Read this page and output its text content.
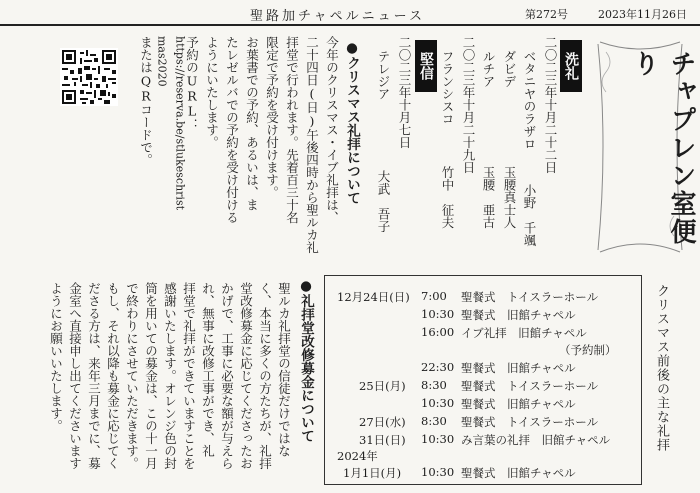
聖路加チャペルニュース	第272号	2023年11月26日
チャプレン室便り
洗礼
二〇二三年十月二十二日
ベタニヤのラザロ
小野　千颯
ダビデ
玉腰真士人
ルチア
玉腰　亜古
二〇二三年十月二十九日
フランシスコ
竹中　征夫
堅信
二〇二三年十月七日
テレジア
大武　吾子
●クリスマス礼拝について
今年のクリスマス・イブ礼拝は、
二十四日(日)午後四時から聖ルカ礼
拝堂で行われます。先着百三十名
限定で予約を受け付けます。
お葉書での予約、あるいは、ま
たレゼルバでの予約を受け付ける
ようにいたします。
予約のURL：
https://reserva.be/stlukeschrist
mas2020
またはQRコードで。
クリスマス前後の主な礼拝
12月24日(日) 7:00 聖餐式　トイスラーホール
10:30 聖餐式　旧館チャペル
16:00 イブ礼拝　旧館チャペル
（予約制）
22:30 聖餐式　旧館チャペル
25日(月) 8:30 聖餐式　トイスラーホール
10:30 聖餐式　旧館チャペル
27日(水) 8:30 聖餐式　トイスラーホール
31日(日) 10:30 み言葉の礼拝　旧館チャペル
2024年
1月1日(月) 10:30 聖餐式　旧館チャペル
●礼拝堂改修募金について
聖ルカ礼拝堂の信徒だけではな
く、本当に多くの方たちが、礼拝
堂改修募金に応じてくださったお
かげで、工事に必要な額が与えら
れ、無事に改修工事ができ、礼
拝堂で礼拝ができていますことを
感謝いたします。オレンジ色の封
筒を用いての募金は、この十一月
で終わりにさせていただきます。
もし、それ以降も募金に応じてく
ださる方は、来年三月までに、募
金室へ直接申し出てくださいます
ようにお願いいたします。
